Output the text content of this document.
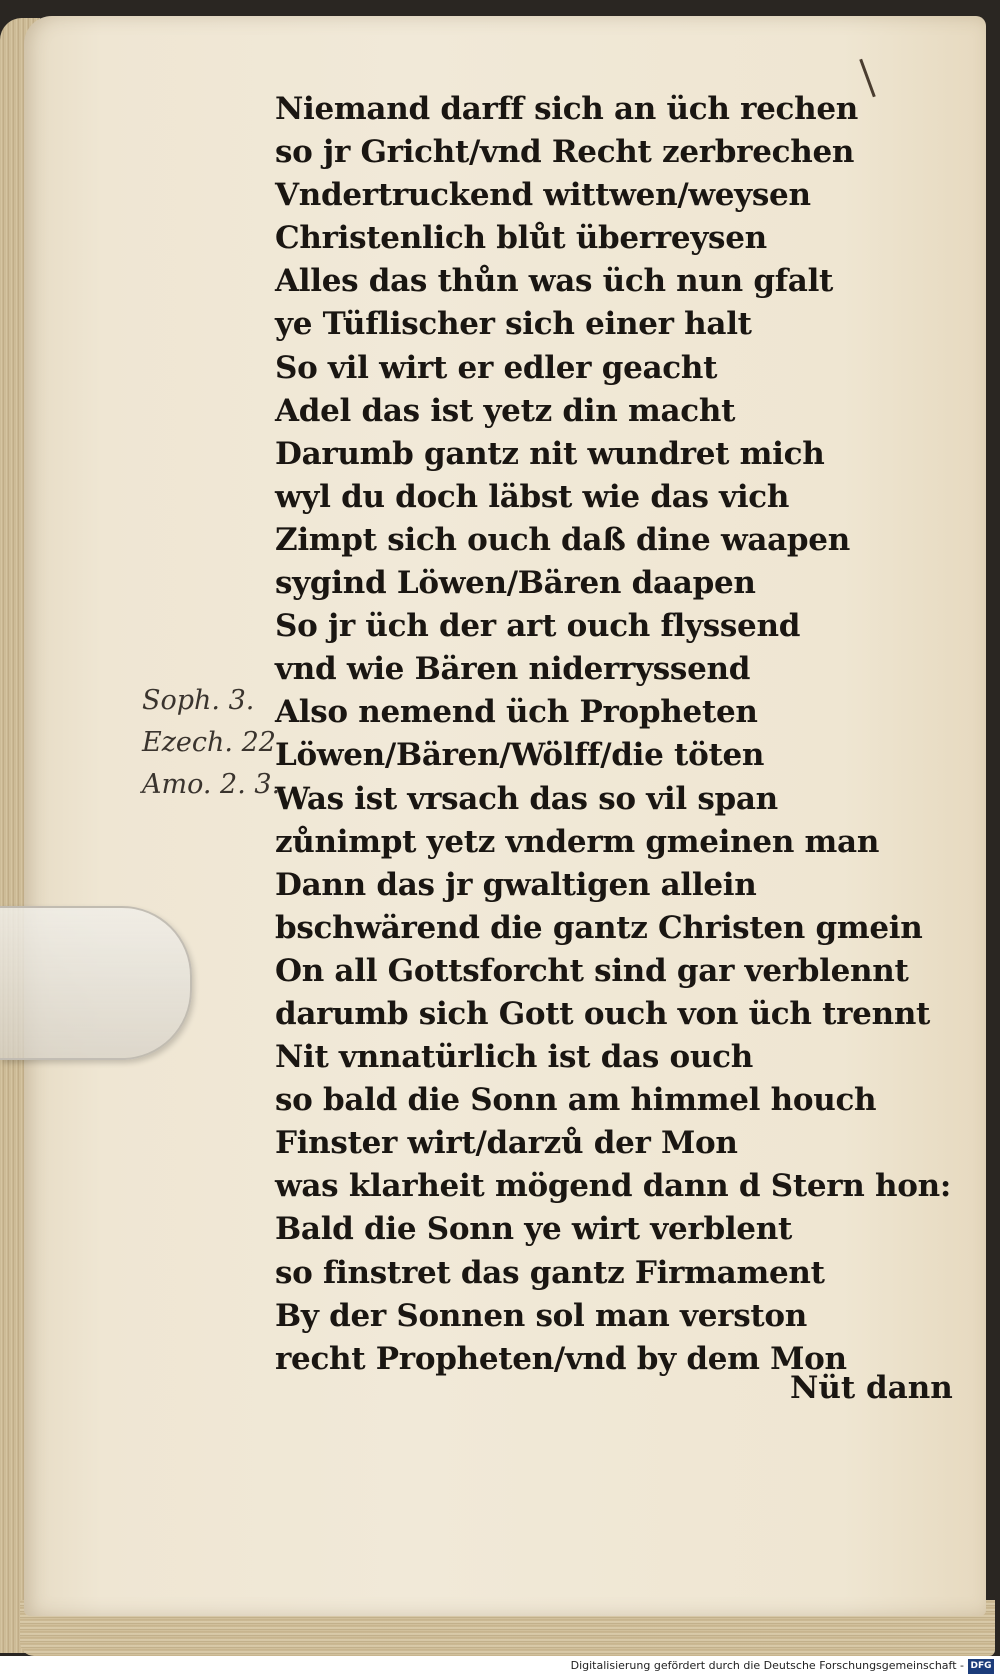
Soph. 3.
Ezech. 22
Amo. 2. 3.
Niemand darff sich an üch rechen
so jr Gricht/vnd Recht zerbrechen
Vndertruckend wittwen/weysen
Christenlich blůt überreysen
Alles das thůn was üch nun gfalt
ye Tüflischer sich einer halt
So vil wirt er edler geacht
Adel das ist yetz din macht
Darumb gantz nit wundret mich
wyl du doch läbst wie das vich
Zimpt sich ouch daß dine waapen
sygind Löwen/Bären daapen
So jr üch der art ouch flyssend
vnd wie Bären niderryssend
Also nemend üch Propheten
Löwen/Bären/Wölff/die töten
Was ist vrsach das so vil span
zůnimpt yetz vnderm gmeinen man
Dann das jr gwaltigen allein
bschwärend die gantz Christen gmein
On all Gottsforcht sind gar verblennt
darumb sich Gott ouch von üch trennt
Nit vnnatürlich ist das ouch
so bald die Sonn am himmel houch
Finster wirt/darzů der Mon
was klarheit mögend dann d Stern hon:
Bald die Sonn ye wirt verblent
so finstret das gantz Firmament
By der Sonnen sol man verston
recht Propheten/vnd by dem Mon
Nüt dann
Digitalisierung gefördert durch die Deutsche Forschungsgemeinschaft - DFG
